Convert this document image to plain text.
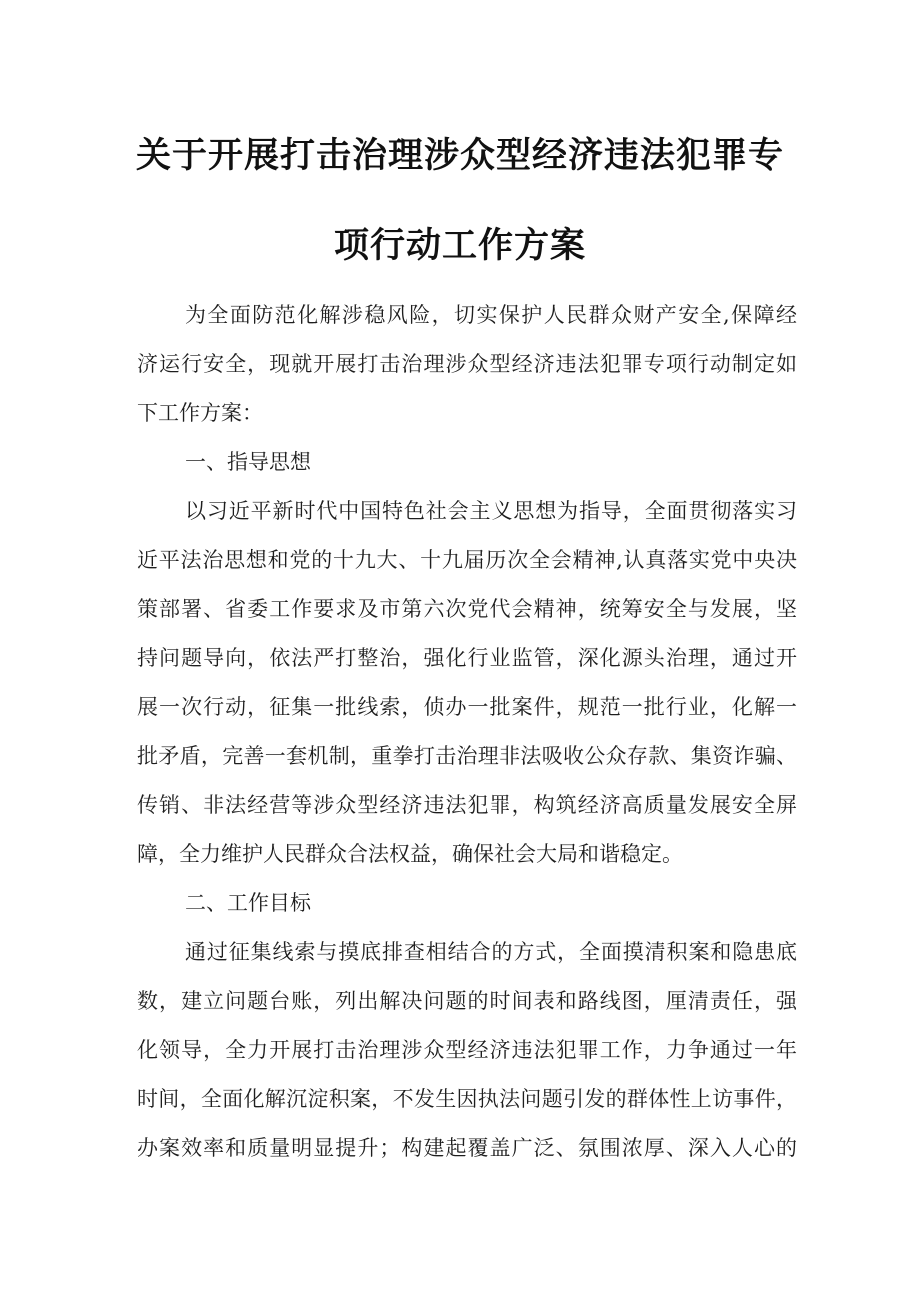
关于开展打击治理涉众型经济违法犯罪专
项行动工作方案
为全面防范化解涉稳风险，切实保护人民群众财产安全,保障经
济运行安全，现就开展打击治理涉众型经济违法犯罪专项行动制定如
下工作方案：
一、指导思想
以习近平新时代中国特色社会主义思想为指导，全面贯彻落实习
近平法治思想和党的十九大、十九届历次全会精神,认真落实党中央决
策部署、省委工作要求及市第六次党代会精神，统筹安全与发展，坚
持问题导向，依法严打整治，强化行业监管，深化源头治理，通过开
展一次行动，征集一批线索，侦办一批案件，规范一批行业，化解一
批矛盾，完善一套机制，重拳打击治理非法吸收公众存款、集资诈骗、
传销、非法经营等涉众型经济违法犯罪，构筑经济高质量发展安全屏
障，全力维护人民群众合法权益，确保社会大局和谐稳定。
二、工作目标
通过征集线索与摸底排查相结合的方式，全面摸清积案和隐患底
数，建立问题台账，列出解决问题的时间表和路线图，厘清责任，强
化领导，全力开展打击治理涉众型经济违法犯罪工作，力争通过一年
时间，全面化解沉淀积案，不发生因执法问题引发的群体性上访事件，
办案效率和质量明显提升；构建起覆盖广泛、氛围浓厚、深入人心的
